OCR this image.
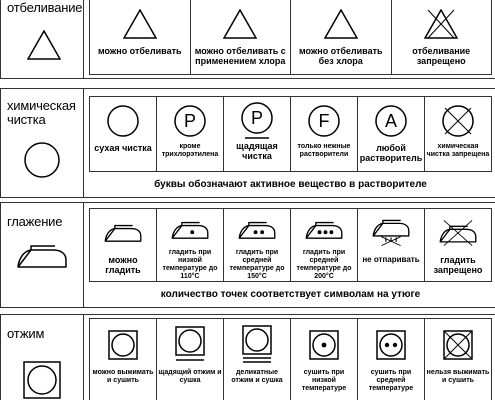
отбеливание
можно отбеливать	можно отбеливать с применением хлора
можно отбеливать без хлора
отбеливание запрещено
химическая
чистка
сухая чистка
P
кроме трихлорэтилена
P
щадящая чистка
F
только нежные растворители
A
любой растворитель
химическая чистка запрещена
буквы обозначают активное вещество в растворителе
глажение
можно гладить
гладить при низкой температуре до 110°С
гладить при средней температуре до 150°С
гладить при средней температуре до 200°С
не отпаривать	гладить запрещено
количество точек соответствует символам на утюге
отжим
можно выжимать и сушить
щадящий отжим и сушка
деликатные отжим и сушка
сушить при низкой температуре
сушить при средней температуре
нельзя выжимать и сушить
